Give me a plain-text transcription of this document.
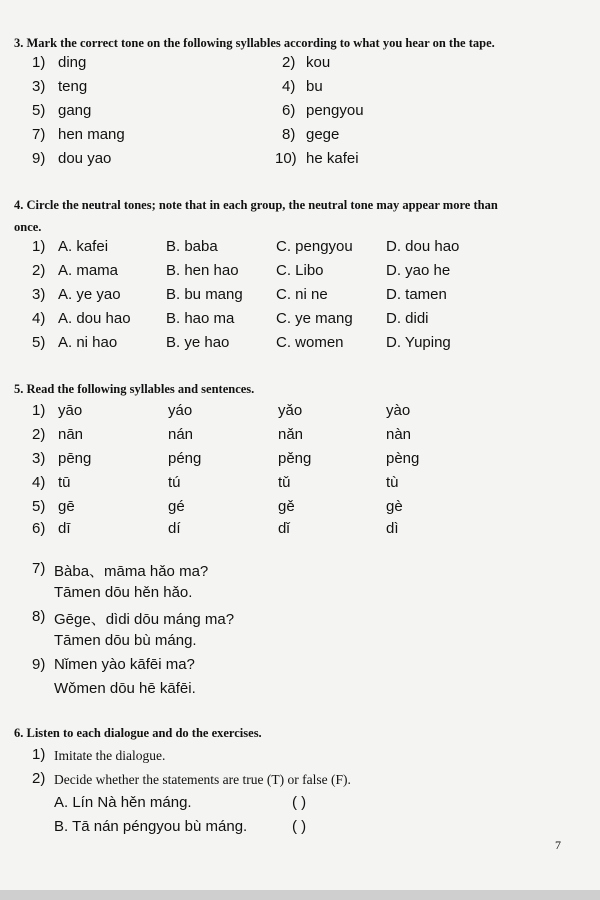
3. Mark the correct tone on the following syllables according to what you hear on the tape.
1) ding	2) kou
3) teng	4) bu
5) gang	6) pengyou
7) hen mang	8) gege
9) dou yao	10) he kafei
4. Circle the neutral tones; note that in each group, the neutral tone may appear more than
once.
1) A. kafei	B. baba	C. pengyou D. dou hao
2) A. mama	B. hen hao C. Libo	D. yao he
3) A. ye yao	B. bu mang C. ni ne	D. tamen
4) A. dou hao B. hao ma	C. ye mang D. didi
5) A. ni hao	B. ye hao	C. women	D. Yuping
5. Read the following syllables and sentences.
1) yāo	yáo	yǎo	yào
2) nān	nán	nǎn	nàn
3) pēng	péng	pěng	pèng
4) tū	tú	tǔ	tù
5) gē	gé	gě	gè
6) dī	dí	dǐ	dì
7) Bàba、māma hǎo ma?
Tāmen dōu hěn hǎo.
8) Gēge、dìdi dōu máng ma?
Tāmen dōu bù máng.
9) Nǐmen yào kāfēi ma?
Wǒmen dōu hē kāfēi.
6. Listen to each dialogue and do the exercises.
1) Imitate the dialogue.
2) Decide whether the statements are true (T) or false (F).
A. Lín Nà hěn máng.	( )
B. Tā nán péngyou bù máng.	( )
7
